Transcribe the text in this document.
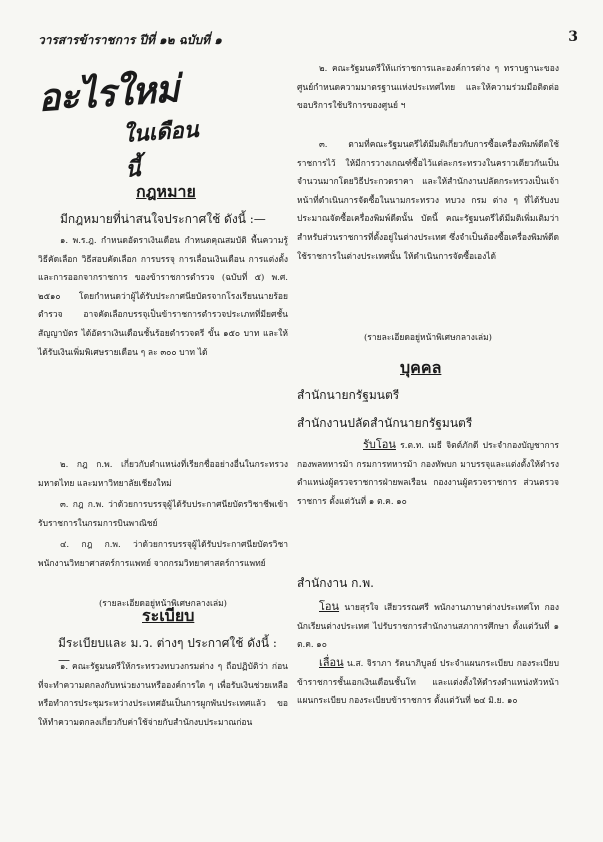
วารสารข้าราชการ ปีที่ ๑๒ ฉบับที่ ๑	3
อะไรใหม่
ในเดือนนี้
กฎหมาย
มีกฎหมายที่น่าสนใจประกาศใช้ ดังนี้ :—
๑. พ.ร.ฎ. กำหนดอัตราเงินเดือน กำหนดคุณสมบัติ พื้นความรู้ วิธีคัดเลือก วิธีสอบคัดเลือก การบรรจุ การเลื่อนเงินเดือน การแต่งตั้ง และการออกจากราชการ ของข้าราชการตำรวจ (ฉบับที่ ๕) พ.ศ. ๒๕๑๐ โดยกำหนดว่าผู้ได้รับประกาศนียบัตรจากโรงเรียนนายร้อยตำรวจ อาจคัดเลือกบรรจุเป็นข้าราชการตำรวจประเภทที่มียศชั้นสัญญาบัตร ได้อัตราเงินเดือนชั้นร้อยตำรวจตรี ขั้น ๑๕๐ บาท และให้ได้รับเงินเพิ่มพิเศษรายเดือน ๆ ละ ๓๐๐ บาท ได้
๒. กฎ ก.พ. เกี่ยวกับตำแหน่งที่เรียกชื่ออย่างอื่นในกระทรวงมหาดไทย และมหาวิทยาลัยเชียงใหม่
๓. กฎ ก.พ. ว่าด้วยการบรรจุผู้ได้รับประกาศนียบัตรวิชาชีพเข้ารับราชการในกรมการบินพาณิชย์
๔. กฎ ก.พ. ว่าด้วยการบรรจุผู้ได้รับประกาศนียบัตรวิชาพนักงานวิทยาศาสตร์การแพทย์ จากกรมวิทยาศาสตร์การแพทย์
(รายละเอียดอยู่หน้าพิเศษกลางเล่ม)
ระเบียบ
มีระเบียบและ ม.ว. ต่างๆ ประกาศใช้ ดังนี้ :—
๑. คณะรัฐมนตรีให้กระทรวงทบวงกรมต่าง ๆ ถือปฏิบัติว่า ก่อนที่จะทำความตกลงกับหน่วยงานหรือองค์การใด ๆ เพื่อรับเงินช่วยเหลือหรือทำการประชุมระหว่างประเทศอันเป็นการผูกพันประเทศแล้ว ขอให้ทำความตกลงเกี่ยวกับค่าใช้จ่ายกับสำนักงบประมาณก่อน
๒. คณะรัฐมนตรีให้แก่ราชการและองค์การต่าง ๆ ทราบฐานะของศูนย์กำหนดความมาตรฐานแห่งประเทศไทย และให้ความร่วมมือติดต่อขอบริการใช้บริการของศูนย์ ฯ
๓. ตามที่คณะรัฐมนตรีได้มีมติเกี่ยวกับการซื้อเครื่องพิมพ์ดีดใช้ราชการไว้ ให้มีการวางเกณฑ์ซื้อไว้แต่ละกระทรวงในคราวเดียวกันเป็นจำนวนมากโดยวิธีประกวดราคา และให้สำนักงานปลัดกระทรวงเป็นเจ้าหน้าที่ดำเนินการจัดซื้อในนามกระทรวง ทบวง กรม ต่าง ๆ ที่ได้รับงบประมาณจัดซื้อเครื่องพิมพ์ดีดนั้น บัดนี้ คณะรัฐมนตรีได้มีมติเพิ่มเติมว่า สำหรับส่วนราชการที่ตั้งอยู่ในต่างประเทศ ซึ่งจำเป็นต้องซื้อเครื่องพิมพ์ดีดใช้ราชการในต่างประเทศนั้น ให้ดำเนินการจัดซื้อเองได้
(รายละเอียดอยู่หน้าพิเศษกลางเล่ม)
บุคคล
สำนักนายกรัฐมนตรี
สำนักงานปลัดสำนักนายกรัฐมนตรี
รับโอน ร.ต.ท. เมธี จิตต์ภักดี ประจำกองบัญชาการกองพลทหารม้า กรมการทหารม้า กองทัพบก มาบรรจุและแต่งตั้งให้ดำรงตำแหน่งผู้ตรวจราชการฝ่ายพลเรือน กองงานผู้ตรวจราชการ ส่วนตรวจราชการ ตั้งแต่วันที่ ๑ ต.ค. ๑๐
สำนักงาน ก.พ.
โอน นายสุรใจ เสียวรรณศรี พนักงานภาษาต่างประเทศโท กองนักเรียนต่างประเทศ ไปรับราชการสำนักงานสภาการศึกษา ตั้งแต่วันที่ ๑ ต.ค. ๑๐
เลื่อน น.ส. จิราภา รัตนาภิบูลย์ ประจำแผนกระเบียบ กองระเบียบข้าราชการชั้นเอกเงินเดือนชั้นโท และแต่งตั้งให้ดำรงตำแหน่งหัวหน้าแผนกระเบียบ กองระเบียบข้าราชการ ตั้งแต่วันที่ ๒๔ มิ.ย. ๑๐
